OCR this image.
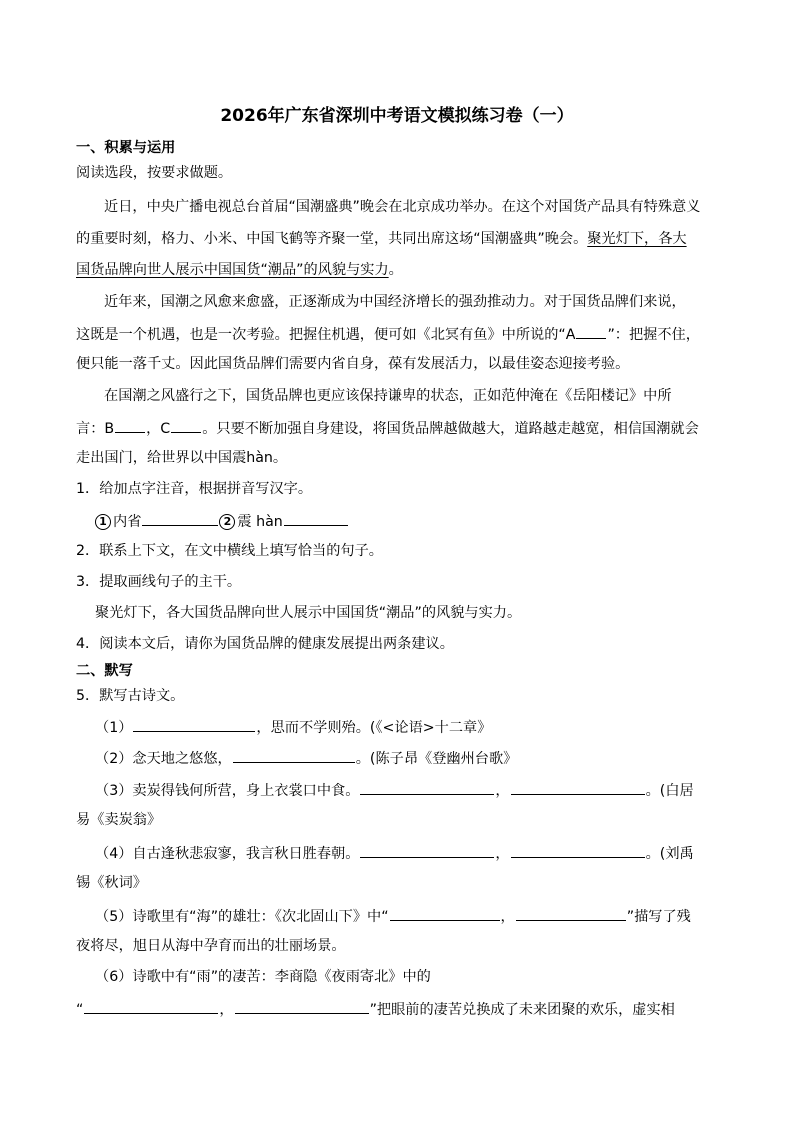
2026年广东省深圳中考语文模拟练习卷（一）
一、积累与运用
阅读选段，按要求做题。
近日，中央广播电视总台首届“国潮盛典”晚会在北京成功举办。在这个对国货产品具有特殊意义
的重要时刻，格力、小米、中国飞鹤等齐聚一堂，共同出席这场“国潮盛典”晚会。聚光灯下，各大
国货品牌向世人展示中国国货“潮品”的风貌与实力。
近年来，国潮之风愈来愈盛，正逐渐成为中国经济增长的强劲推动力。对于国货品牌们来说，
这既是一个机遇，也是一次考验。把握住机遇，便可如《北冥有鱼》中所说的“A ”：把握不住，
便只能一落千丈。因此国货品牌们需要内省自身，葆有发展活力，以最佳姿态迎接考验。
在国潮之风盛行之下，国货品牌也更应该保持谦卑的状态，正如范仲淹在《岳阳楼记》中所
言：B ，C 。只要不断加强自身建设，将国货品牌越做越大，道路越走越宽，相信国潮就会
走出国门，给世界以中国震hàn。
1．给加点字注音，根据拼音写汉字。
1 内省	2 震 hàn
2．联系上下文，在文中横线上填写恰当的句子。
3．提取画线句子的主干。
聚光灯下，各大国货品牌向世人展示中国国货“潮品”的风貌与实力。
4．阅读本文后，请你为国货品牌的健康发展提出两条建议。
二、默写
5．默写古诗文。
（1）	，思而不学则殆。(《<论语>十二章》
（2）念天地之悠悠，	。(陈子昂《登幽州台歌》
（3）卖炭得钱何所营，身上衣裳口中食。	，	。(白居
易《卖炭翁》
（4）自古逢秋悲寂寥，我言秋日胜春朝。	，	。(刘禹
锡《秋词》
（5）诗歌里有“海”的雄壮：《次北固山下》中“	，	”描写了残
夜将尽，旭日从海中孕育而出的壮丽场景。
（6）诗歌中有“雨”的凄苦：李商隐《夜雨寄北》中的
“	，	”把眼前的凄苦兑换成了未来团聚的欢乐，虚实相
